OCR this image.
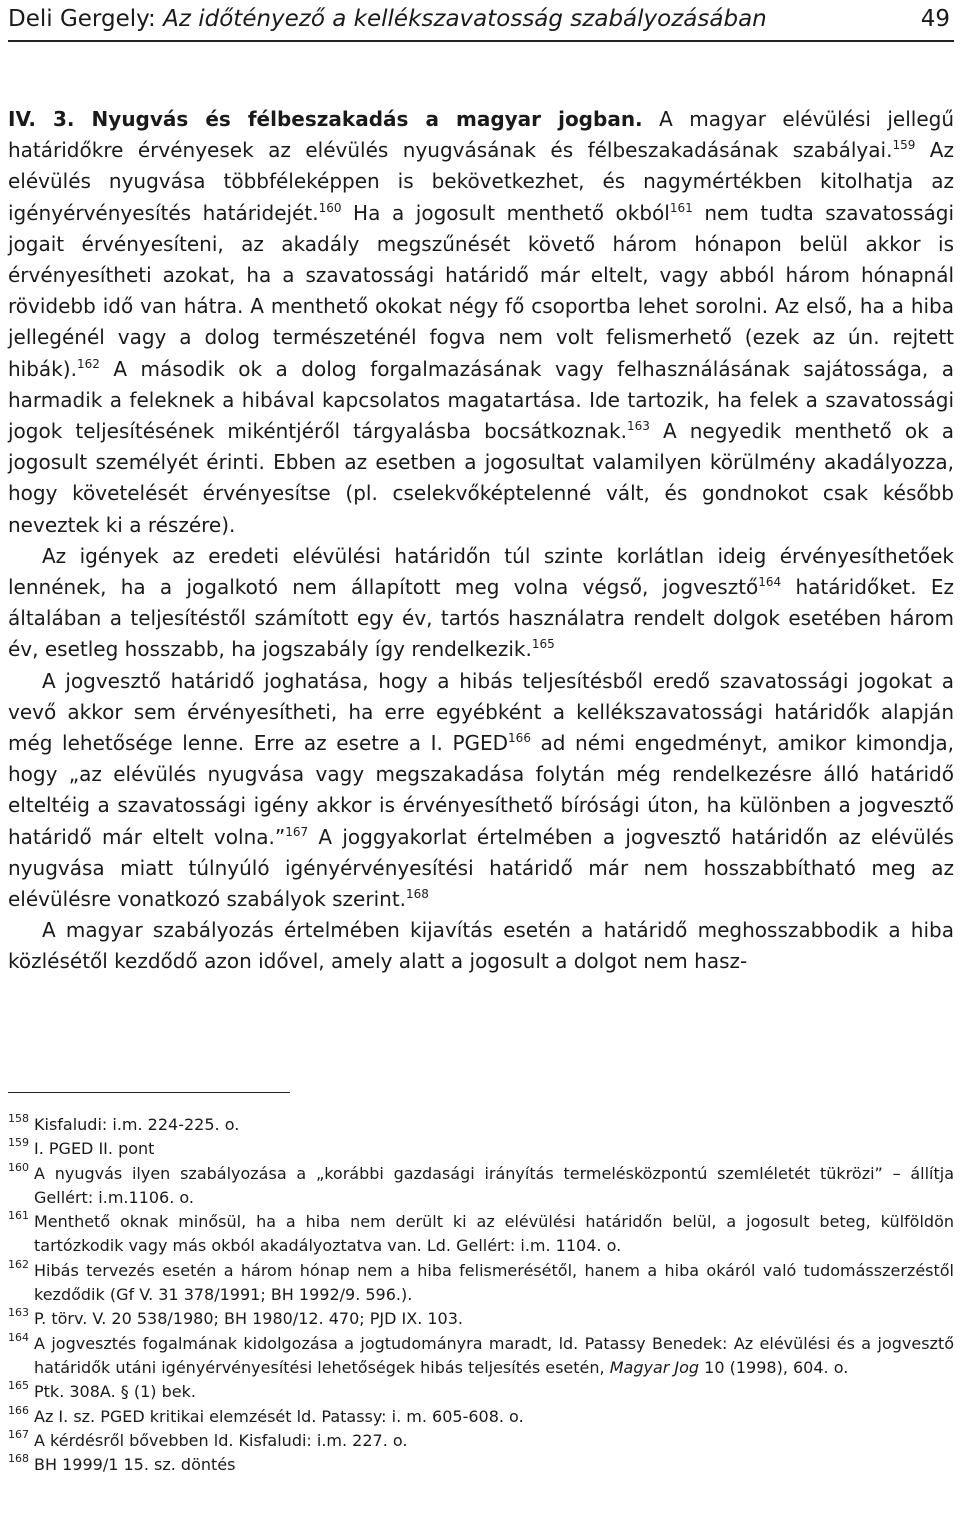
Deli Gergely: Az időtényező a kellékszavatosság szabályozásában	49

IV. 3. Nyugvás és félbeszakadás a magyar jogban. A magyar elévülési jellegű határidőkre érvényesek az elévülés nyugvásának és félbeszakadásának szabályai.$^{159}$ Az elévülés nyugvása többféleképpen is bekövetkezhet, és nagymértékben kitolhatja az igényérvényesítés határidejét.$^{160}$ Ha a jogosult menthető okból$^{161}$ nem tudta szavatossági jogait érvényesíteni, az akadály megszűnését követő három hónapon belül akkor is érvényesítheti azokat, ha a szavatossági határidő már eltelt, vagy abból három hónapnál rövidebb idő van hátra. A menthető okokat négy fő csoportba lehet sorolni. Az első, ha a hiba jellegénél vagy a dolog természeténél fogva nem volt felismerhető (ezek az ún. rejtett hibák).$^{162}$ A második ok a dolog forgalmazásának vagy felhasználásának sajátossága, a harmadik a feleknek a hibával kapcsolatos magatartása. Ide tartozik, ha felek a szavatossági jogok teljesítésének mikéntjéről tárgyalásba bocsátkoznak.$^{163}$ A negyedik menthető ok a jogosult személyét érinti. Ebben az esetben a jogosultat valamilyen körülmény akadályozza, hogy követelését érvényesítse (pl. cselekvőképtelenné vált, és gondnokot csak később neveztek ki a részére).

Az igények az eredeti elévülési határidőn túl szinte korlátlan ideig érvényesíthetőek lennének, ha a jogalkotó nem állapított meg volna végső, jogvesztő$^{164}$ határidőket. Ez általában a teljesítéstől számított egy év, tartós használatra rendelt dolgok esetében három év, esetleg hosszabb, ha jogszabály így rendelkezik.$^{165}$

A jogvesztő határidő joghatása, hogy a hibás teljesítésből eredő szavatossági jogokat a vevő akkor sem érvényesítheti, ha erre egyébként a kellékszavatossági határidők alapján még lehetősége lenne. Erre az esetre a I. PGED$^{166}$ ad némi engedményt, amikor kimondja, hogy „az elévülés nyugvása vagy megszakadása folytán még rendelkezésre álló határidő elteltéig a szavatossági igény akkor is érvényesíthető bírósági úton, ha különben a jogvesztő határidő már eltelt volna.”$^{167}$ A joggyakorlat értelmében a jogvesztő határidőn az elévülés nyugvása miatt túlnyúló igényérvényesítési határidő már nem hosszabbítható meg az elévülésre vonatkozó szabályok szerint.$^{168}$

A magyar szabályozás értelmében kijavítás esetén a határidő meghosszabbodik a hiba közlésétől kezdődő azon idővel, amely alatt a jogosult a dolgot nem hasz-

158 Kisfaludi: i.m. 224-225. o.
159 I. PGED II. pont
160 A nyugvás ilyen szabályozása a „korábbi gazdasági irányítás termelésközpontú szemléletét tükrözi” – állítja Gellért: i.m.1106. o.
161 Menthető oknak minősül, ha a hiba nem derült ki az elévülési határidőn belül, a jogosult beteg, külföldön tartózkodik vagy más okból akadályoztatva van. Ld. Gellért: i.m. 1104. o.
162 Hibás tervezés esetén a három hónap nem a hiba felismerésétől, hanem a hiba okáról való tudomásszerzéstől kezdődik (Gf V. 31 378/1991; BH 1992/9. 596.).
163 P. törv. V. 20 538/1980; BH 1980/12. 470; PJD IX. 103.
164 A jogvesztés fogalmának kidolgozása a jogtudományra maradt, ld. Patassy Benedek: Az elévülési és a jogvesztő határidők utáni igényérvényesítési lehetőségek hibás teljesítés esetén, Magyar Jog 10 (1998), 604. o.
165 Ptk. 308A. § (1) bek.
166 Az I. sz. PGED kritikai elemzését ld. Patassy: i. m. 605-608. o.
167 A kérdésről bővebben ld. Kisfaludi: i.m. 227. o.
168 BH 1999/1 15. sz. döntés
